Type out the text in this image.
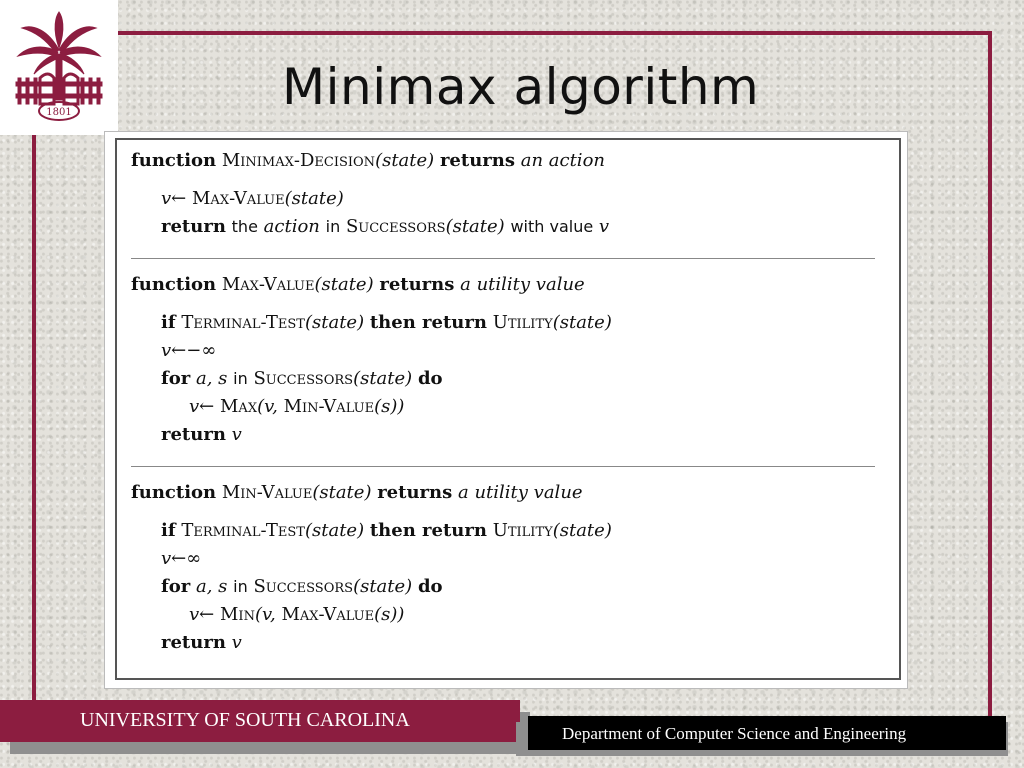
1801	Minimax algorithm
function Minimax-Decision(state) returns an action
v← Max-Value(state)
return the action in Successors(state) with value v
function Max-Value(state) returns a utility value
if Terminal-Test(state) then return Utility(state)
v←−∞
for a, s in Successors(state) do
v← Max(v, Min-Value(s))
return v
function Min-Value(state) returns a utility value
if Terminal-Test(state) then return Utility(state)
v←∞
for a, s in Successors(state) do
v← Min(v, Max-Value(s))
return v
UNIVERSITY OF SOUTH CAROLINA
Department of Computer Science and Engineering
